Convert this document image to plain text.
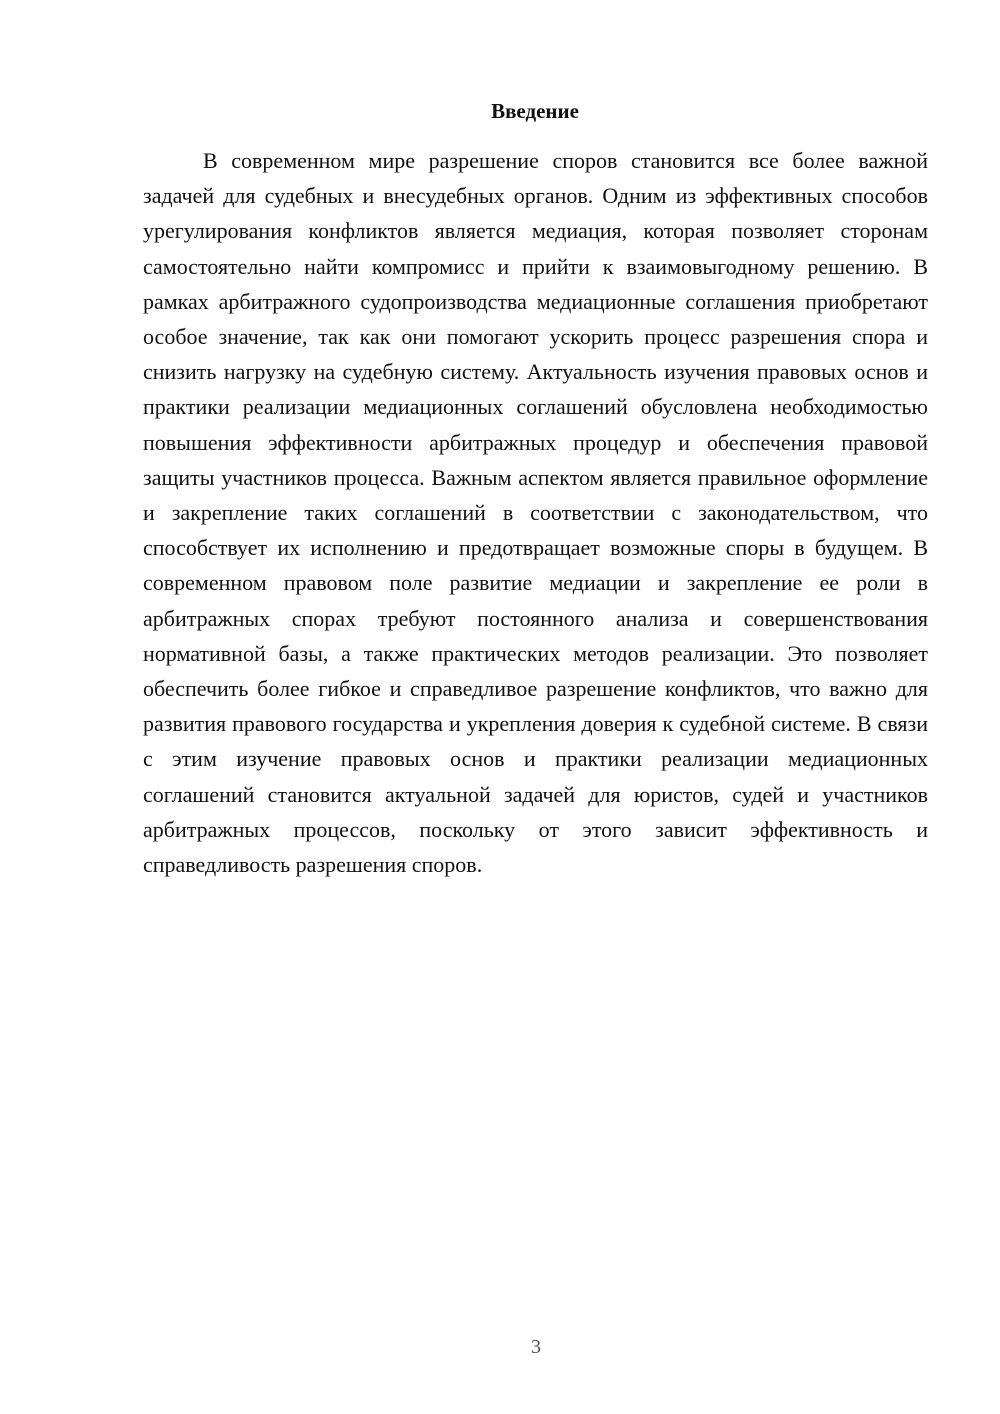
Введение

В современном мире разрешение споров становится все более важной задачей для судебных и внесудебных органов. Одним из эффективных способов урегулирования конфликтов является медиация, которая позволяет сторонам самостоятельно найти компромисс и прийти к взаимовыгодному решению. В рамках арбитражного судопроизводства медиационные соглашения приобретают особое значение, так как они помогают ускорить процесс разрешения спора и снизить нагрузку на судебную систему. Актуальность изучения правовых основ и практики реализации медиационных соглашений обусловлена необходимостью повышения эффективности арбитражных процедур и обеспечения правовой защиты участников процесса. Важным аспектом является правильное оформление и закрепление таких соглашений в соответствии с законодательством, что способствует их исполнению и предотвращает возможные споры в будущем. В современном правовом поле развитие медиации и закрепление ее роли в арбитражных спорах требуют постоянного анализа и совершенствования нормативной базы, а также практических методов реализации. Это позволяет обеспечить более гибкое и справедливое разрешение конфликтов, что важно для развития правового государства и укрепления доверия к судебной системе. В связи с этим изучение правовых основ и практики реализации медиационных соглашений становится актуальной задачей для юристов, судей и участников арбитражных процессов, поскольку от этого зависит эффективность и справедливость разрешения споров.

3
